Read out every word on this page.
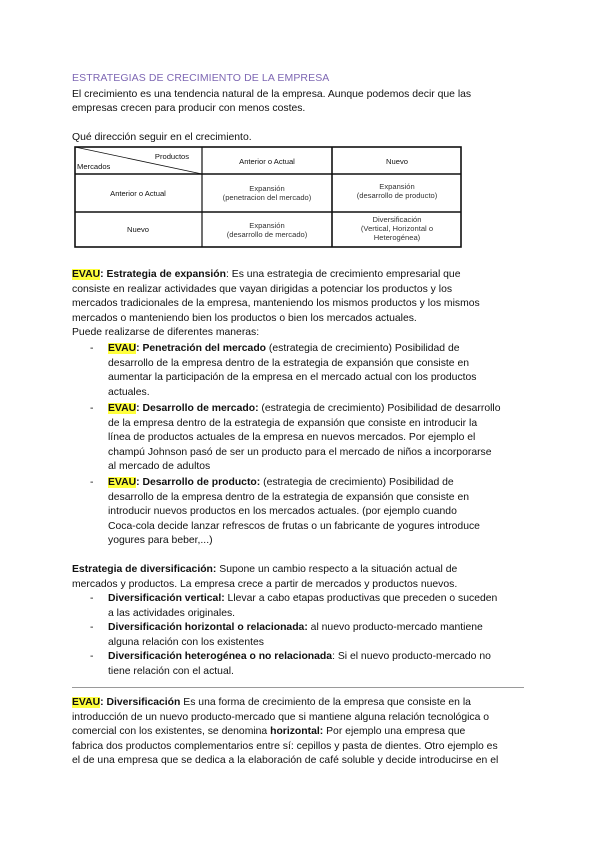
ESTRATEGIAS DE CRECIMIENTO DE LA EMPRESA

El crecimiento es una tendencia natural de la empresa. Aunque podemos decir que las

empresas crecen para producir con menos costes.

Qué dirección seguir en el crecimiento.

Productos
Mercados
Anterior o Actual	Nuevo
Anterior o Actual
Nuevo
Expansión
(penetracion del mercado)
Expansión
(desarrollo de producto)
Expansión
(desarrollo de mercado)
Diversificación
(Vertical, Horizontal o
Heterogénea)

EVAU: Estrategia de expansión: Es una estrategia de crecimiento empresarial que

consiste en realizar actividades que vayan dirigidas a potenciar los productos y los

mercados tradicionales de la empresa, manteniendo los mismos productos y los mismos

mercados o manteniendo bien los productos o bien los mercados actuales.

Puede realizarse de diferentes maneras:

- EVAU: Penetración del mercado (estrategia de crecimiento) Posibilidad de

desarrollo de la empresa dentro de la estrategia de expansión que consiste en

aumentar la participación de la empresa en el mercado actual con los productos

actuales.

- EVAU: Desarrollo de mercado: (estrategia de crecimiento) Posibilidad de desarrollo

de la empresa dentro de la estrategia de expansión que consiste en introducir la

línea de productos actuales de la empresa en nuevos mercados. Por ejemplo el

champú Johnson pasó de ser un producto para el mercado de niños a incorporarse

al mercado de adultos

- EVAU: Desarrollo de producto: (estrategia de crecimiento) Posibilidad de

desarrollo de la empresa dentro de la estrategia de expansión que consiste en

introducir nuevos productos en los mercados actuales. (por ejemplo cuando

Coca-cola decide lanzar refrescos de frutas o un fabricante de yogures introduce

yogures para beber,...)

Estrategia de diversificación: Supone un cambio respecto a la situación actual de

mercados y productos. La empresa crece a partir de mercados y productos nuevos.

- Diversificación vertical: Llevar a cabo etapas productivas que preceden o suceden

a las actividades originales.

- Diversificación horizontal o relacionada: al nuevo producto-mercado mantiene

alguna relación con los existentes

- Diversificación heterogénea o no relacionada: Si el nuevo producto-mercado no

tiene relación con el actual.

EVAU: Diversificación Es una forma de crecimiento de la empresa que consiste en la

introducción de un nuevo producto-mercado que si mantiene alguna relación tecnológica o

comercial con los existentes, se denomina horizontal: Por ejemplo una empresa que

fabrica dos productos complementarios entre sí: cepillos y pasta de dientes. Otro ejemplo es

el de una empresa que se dedica a la elaboración de café soluble y decide introducirse en el
